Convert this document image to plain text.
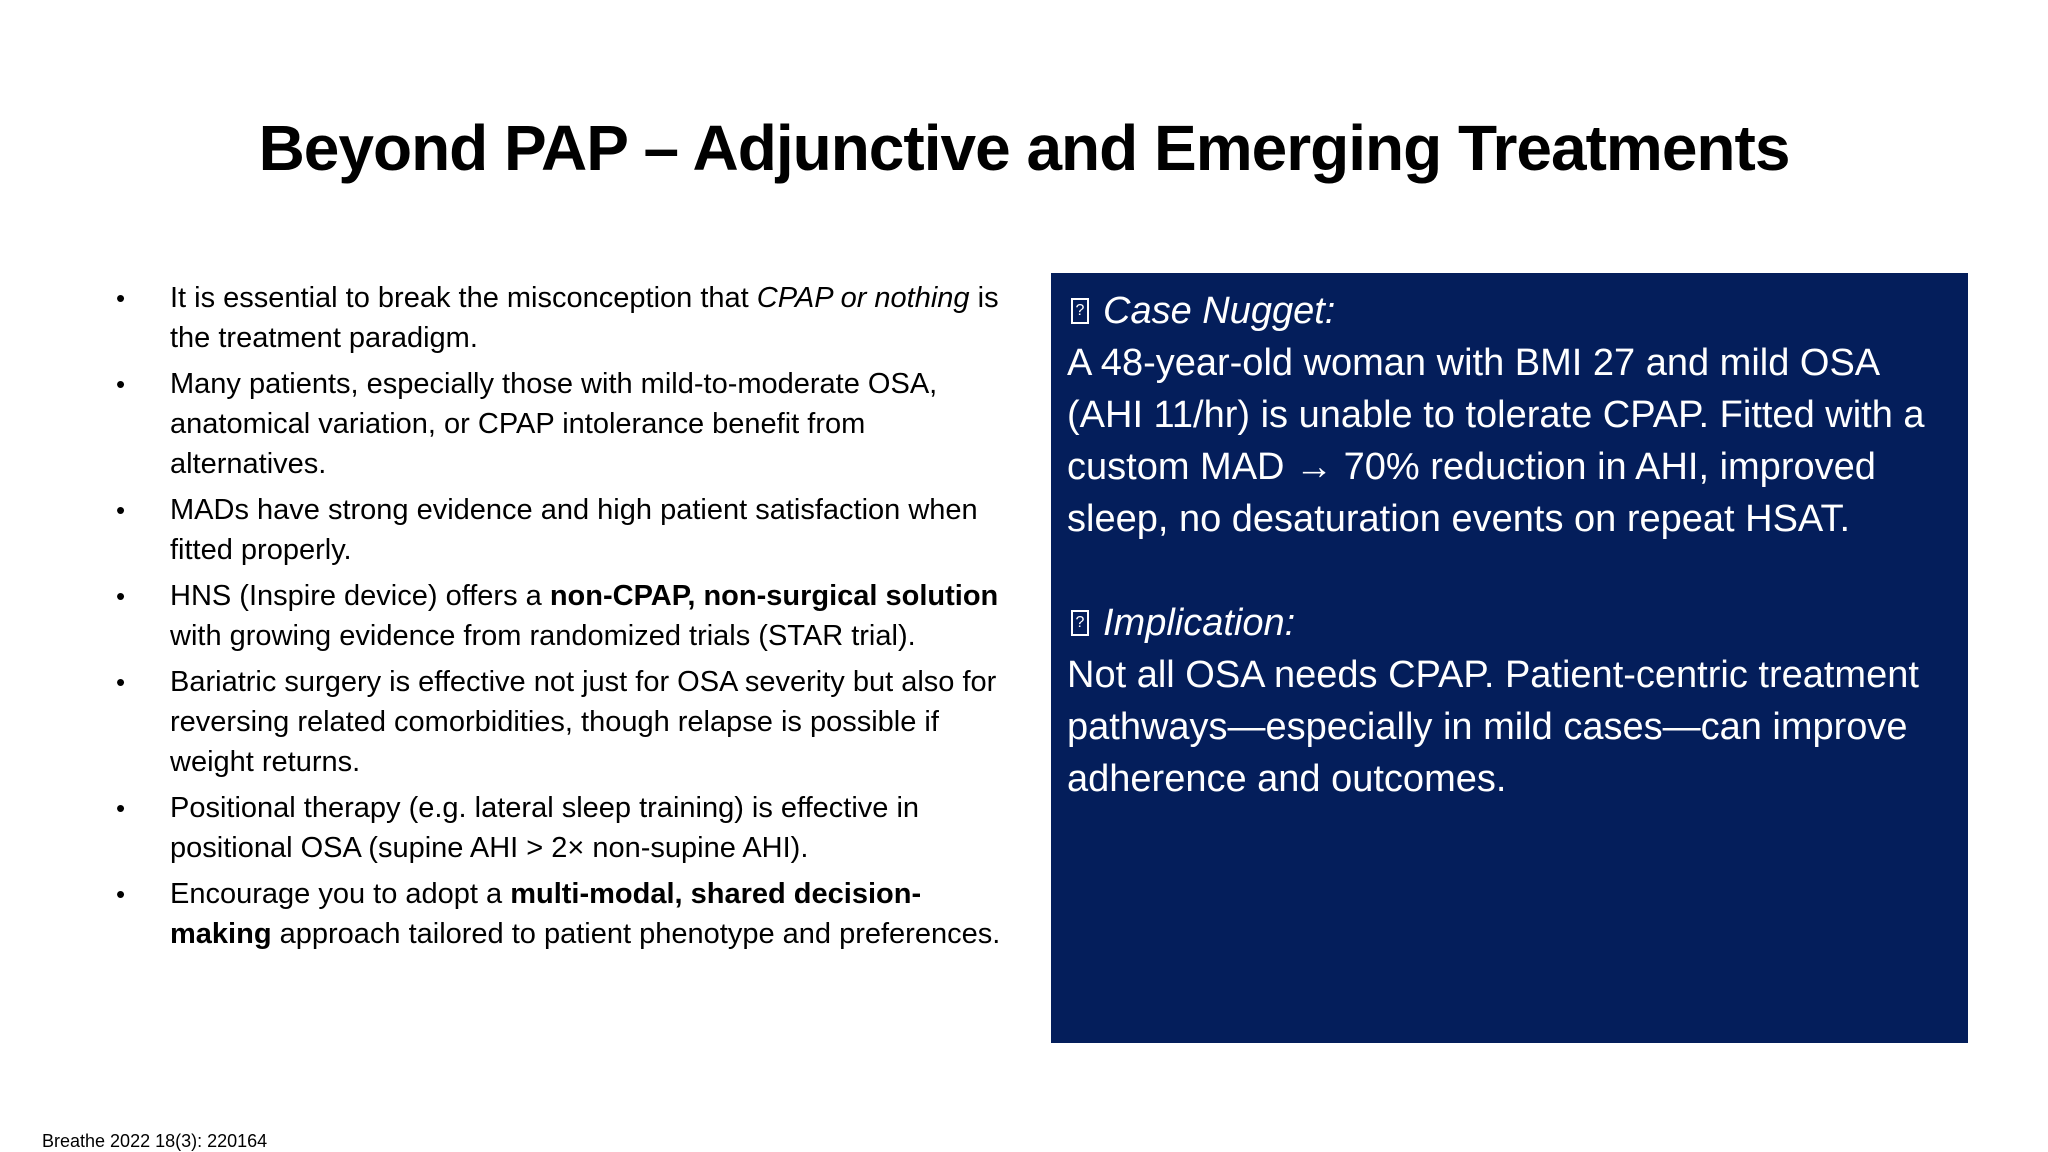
Beyond PAP – Adjunctive and Emerging Treatments
•	It is essential to break the misconception that CPAP or nothing is the treatment paradigm.
•	Many patients, especially those with mild-to-moderate OSA, anatomical variation, or CPAP intolerance benefit from alternatives.
•	MADs have strong evidence and high patient satisfaction when fitted properly.
•	HNS (Inspire device) offers a non-CPAP, non-surgical solution with growing evidence from randomized trials (STAR trial).
•	Bariatric surgery is effective not just for OSA severity but also for reversing related comorbidities, though relapse is possible if weight returns.
•	Positional therapy (e.g. lateral sleep training) is effective in positional OSA (supine AHI > 2× non-supine AHI).
•	Encourage you to adopt a multi-modal, shared decision-making approach tailored to patient phenotype and preferences.
? Case Nugget:

A 48-year-old woman with BMI 27 and mild OSA (AHI 11/hr) is unable to tolerate CPAP. Fitted with a custom MAD → 70% reduction in AHI, improved sleep, no desaturation events on repeat HSAT.

? Implication:

Not all OSA needs CPAP. Patient-centric treatment pathways—especially in mild cases—can improve adherence and outcomes.

Breathe 2022 18(3): 220164
